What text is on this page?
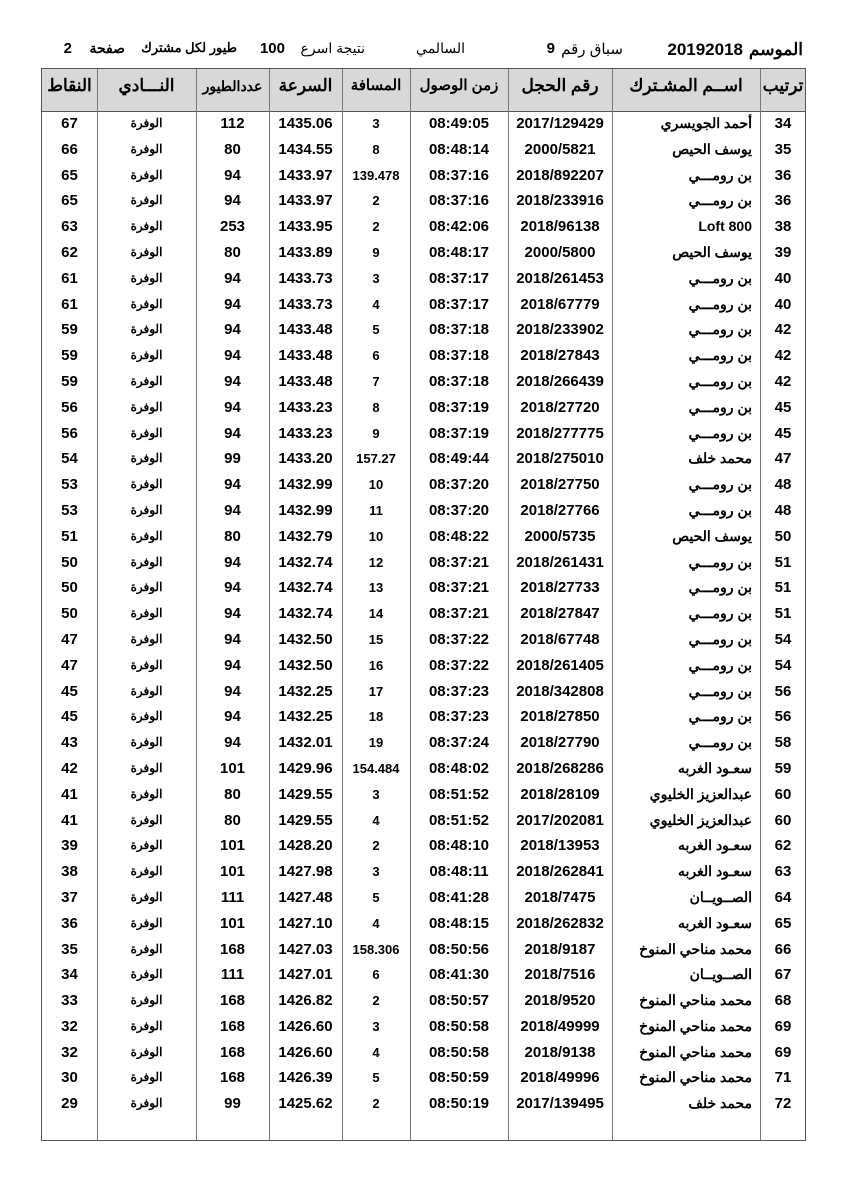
الموسم
20192018
سباق رقم
9
السالمي
نتيجة اسرع
100
طيور لكل مشترك
صفحة
2
ترتيب
اســم المشـترك
رقم الحجل
زمن الوصول
المسافة
السرعة
عددالطيور
النـــادي
النقاط
34
أحمد الجويسري
2017/129429
08:49:05
3
1435.06
112
الوفرة
67
35
يوسف الحيص
2000/5821
08:48:14
8
1434.55
80
الوفرة
66
36
بن رومـــي
2018/892207
08:37:16
139.478
1433.97
94
الوفرة
65
36
بن رومـــي
2018/233916
08:37:16
2
1433.97
94
الوفرة
65
38
Loft 800
2018/96138
08:42:06
2
1433.95
253
الوفرة
63
39
يوسف الحيص
2000/5800
08:48:17
9
1433.89
80
الوفرة
62
40
بن رومـــي
2018/261453
08:37:17
3
1433.73
94
الوفرة
61
40
بن رومـــي
2018/67779
08:37:17
4
1433.73
94
الوفرة
61
42
بن رومـــي
2018/233902
08:37:18
5
1433.48
94
الوفرة
59
42
بن رومـــي
2018/27843
08:37:18
6
1433.48
94
الوفرة
59
42
بن رومـــي
2018/266439
08:37:18
7
1433.48
94
الوفرة
59
45
بن رومـــي
2018/27720
08:37:19
8
1433.23
94
الوفرة
56
45
بن رومـــي
2018/277775
08:37:19
9
1433.23
94
الوفرة
56
47
محمد خلف
2018/275010
08:49:44
157.27
1433.20
99
الوفرة
54
48
بن رومـــي
2018/27750
08:37:20
10
1432.99
94
الوفرة
53
48
بن رومـــي
2018/27766
08:37:20
11
1432.99
94
الوفرة
53
50
يوسف الحيص
2000/5735
08:48:22
10
1432.79
80
الوفرة
51
51
بن رومـــي
2018/261431
08:37:21
12
1432.74
94
الوفرة
50
51
بن رومـــي
2018/27733
08:37:21
13
1432.74
94
الوفرة
50
51
بن رومـــي
2018/27847
08:37:21
14
1432.74
94
الوفرة
50
54
بن رومـــي
2018/67748
08:37:22
15
1432.50
94
الوفرة
47
54
بن رومـــي
2018/261405
08:37:22
16
1432.50
94
الوفرة
47
56
بن رومـــي
2018/342808
08:37:23
17
1432.25
94
الوفرة
45
56
بن رومـــي
2018/27850
08:37:23
18
1432.25
94
الوفرة
45
58
بن رومـــي
2018/27790
08:37:24
19
1432.01
94
الوفرة
43
59
سعـود الغربه
2018/268286
08:48:02
154.484
1429.96
101
الوفرة
42
60
عبدالعزيز الخليوي
2018/28109
08:51:52
3
1429.55
80
الوفرة
41
60
عبدالعزيز الخليوي
2017/202081
08:51:52
4
1429.55
80
الوفرة
41
62
سعـود الغربه
2018/13953
08:48:10
2
1428.20
101
الوفرة
39
63
سعـود الغربه
2018/262841
08:48:11
3
1427.98
101
الوفرة
38
64
الصــويــان
2018/7475
08:41:28
5
1427.48
111
الوفرة
37
65
سعـود الغربه
2018/262832
08:48:15
4
1427.10
101
الوفرة
36
66
محمد مناحي المنوخ
2018/9187
08:50:56
158.306
1427.03
168
الوفرة
35
67
الصــويــان
2018/7516
08:41:30
6
1427.01
111
الوفرة
34
68
محمد مناحي المنوخ
2018/9520
08:50:57
2
1426.82
168
الوفرة
33
69
محمد مناحي المنوخ
2018/49999
08:50:58
3
1426.60
168
الوفرة
32
69
محمد مناحي المنوخ
2018/9138
08:50:58
4
1426.60
168
الوفرة
32
71
محمد مناحي المنوخ
2018/49996
08:50:59
5
1426.39
168
الوفرة
30
72
محمد خلف
2017/139495
08:50:19
2
1425.62
99
الوفرة
29
